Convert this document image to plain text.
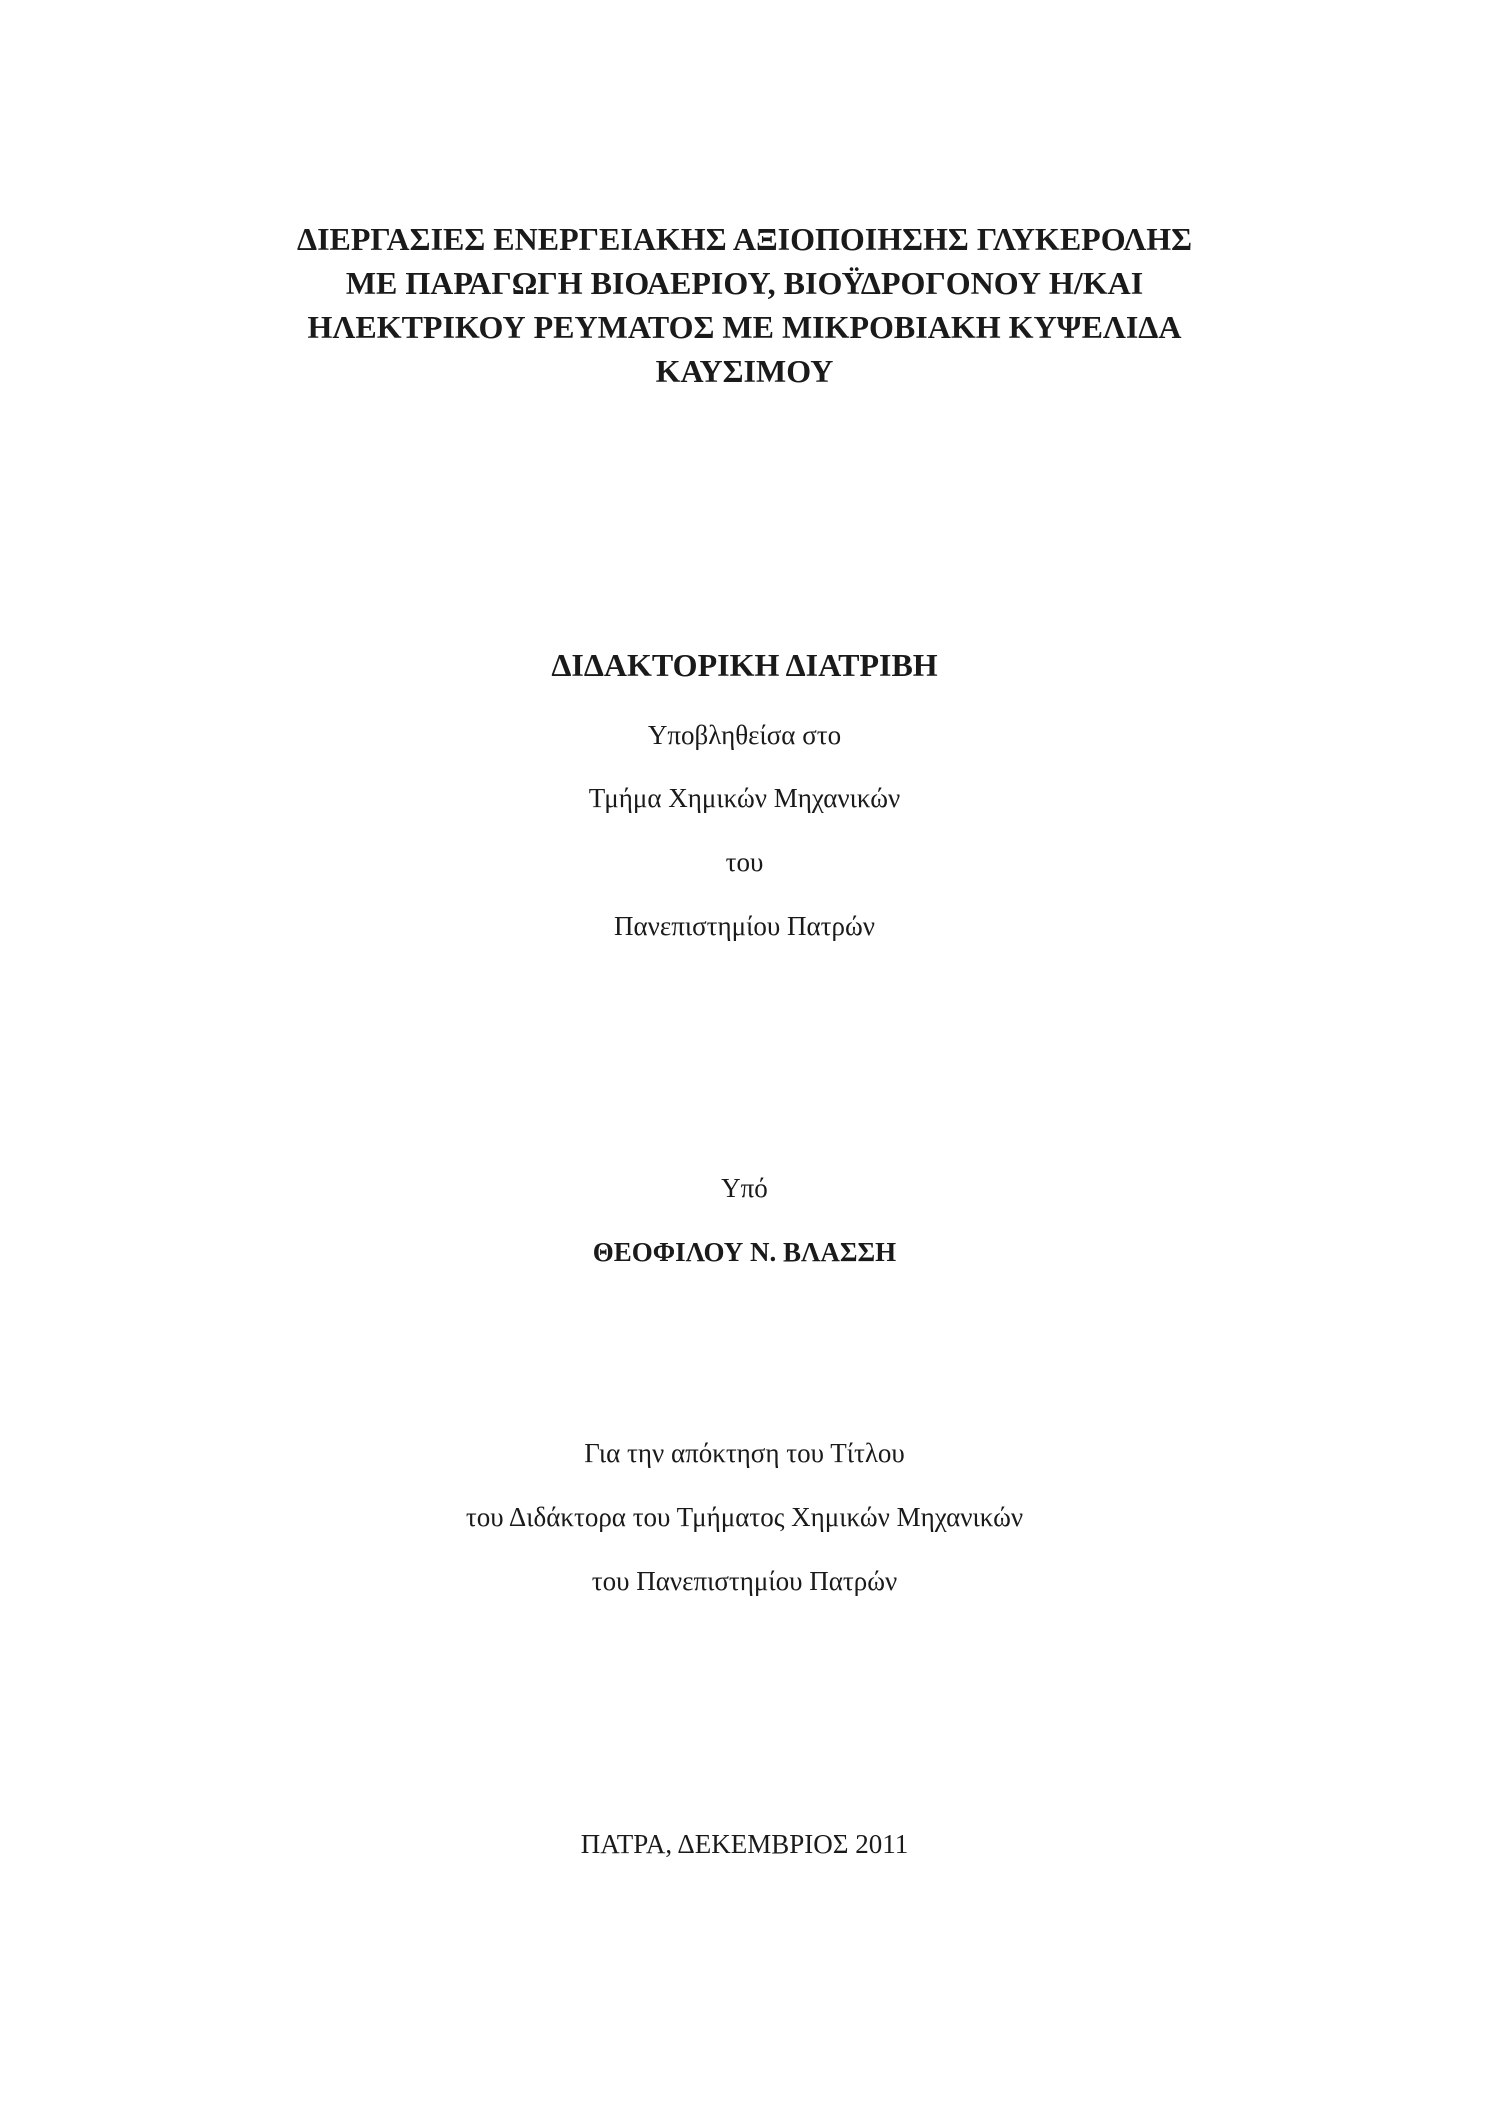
ΔΙΕΡΓΑΣΙΕΣ ΕΝΕΡΓΕΙΑΚΗΣ ΑΞΙΟΠΟΙΗΣΗΣ ΓΛΥΚΕΡΟΛΗΣ
ΜΕ ΠΑΡΑΓΩΓΗ ΒΙΟΑΕΡΙΟΥ, ΒΙΟΫΔΡΟΓΟΝΟΥ Η/ΚΑΙ
ΗΛΕΚΤΡΙΚΟΥ ΡΕΥΜΑΤΟΣ ΜΕ ΜΙΚΡΟΒΙΑΚΗ ΚΥΨΕΛΙΔΑ
ΚΑΥΣΙΜΟΥ
ΔΙΔΑΚΤΟΡΙΚΗ ΔΙΑΤΡΙΒΗ
Υποβληθείσα στο
Τμήμα Χημικών Μηχανικών
του
Πανεπιστημίου Πατρών
Υπό
ΘΕΟΦΙΛΟΥ Ν. ΒΛΑΣΣΗ
Για την απόκτηση του Τίτλου
του Διδάκτορα του Τμήματος Χημικών Μηχανικών
του Πανεπιστημίου Πατρών
ΠΑΤΡΑ, ΔΕΚΕΜΒΡΙΟΣ 2011
